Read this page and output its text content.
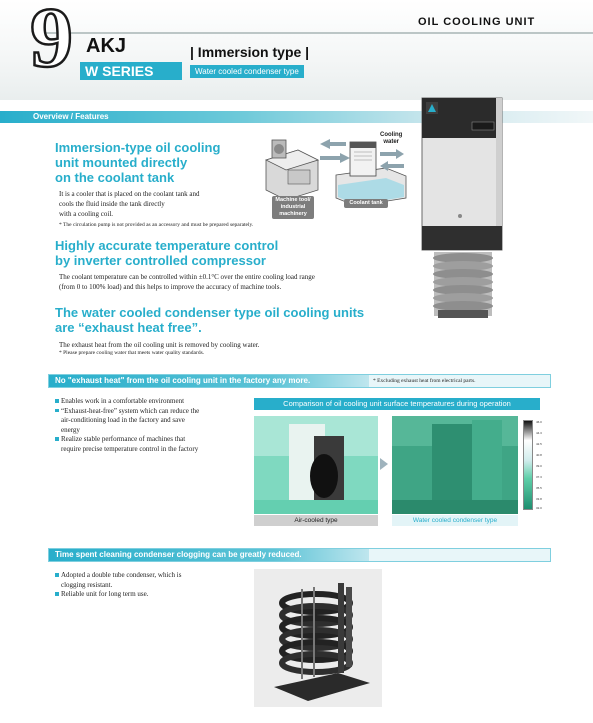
9 AKJ
W SERIES
| Immersion type |
Water cooled condenser type
OIL COOLING UNIT
Overview / Features
Immersion-type oil cooling
unit mounted directly
on the coolant tank
It is a cooler that is placed on the coolant tank and
cools the fluid inside the tank directly
with a cooling coil.
* The circulation pump is not provided as an accessory and must be prepared separately.
Cooling
water
Machine tool/
industrial
machinery
Coolant tank
Highly accurate temperature control
by inverter controlled compressor
The coolant temperature can be controlled within ±0.1°C over the entire cooling load range
(from 0 to 100% load) and this helps to improve the accuracy of machine tools.
The water cooled condenser type oil cooling units
are “exhaust heat free”.
The exhaust heat from the oil cooling unit is removed by cooling water.
* Please prepare cooling water that meets water quality standards.
No "exhaust heat" from the oil cooling unit in the factory any more.	* Excluding exhaust heat from electrical parts.
Enables work in a comfortable environment
“Exhaust-heat-free” system which can reduce the
air-conditioning load in the factory and save
energy
Realize stable performance of machines that
require precise temperature control in the factory
Comparison of oil cooling unit surface temperatures during operation
Air-cooled type	Water cooled condenser type
46.0
44.3
42.5
40.8
39.0
37.3
35.5
33.8
32.0
Time spent cleaning condenser clogging can be greatly reduced.
Adopted a double tube condenser, which is
clogging resistant.
Reliable unit for long term use.
